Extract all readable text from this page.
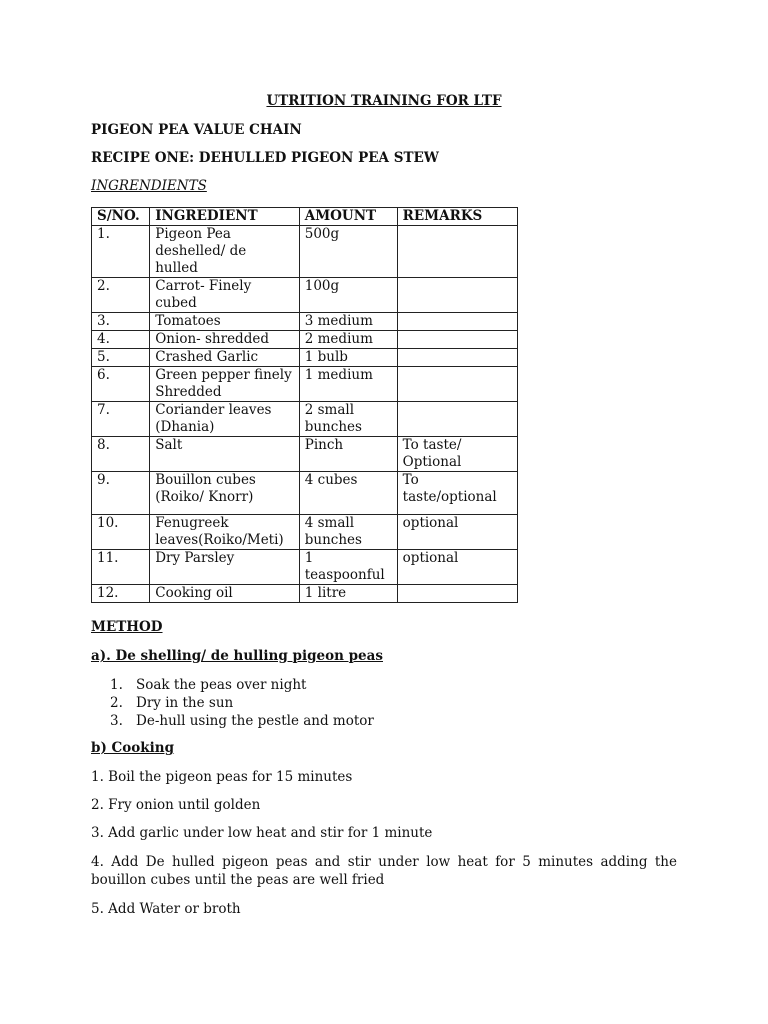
UTRITION TRAINING FOR LTF
PIGEON PEA VALUE CHAIN
RECIPE ONE: DEHULLED PIGEON PEA STEW
INGRENDIENTS
S/NO.	INGREDIENT	AMOUNT	REMARKS
1.	Pigeon Pea deshelled/ de hulled	500g	
2.	Carrot- Finely cubed	100g	
3.	Tomatoes	3 medium	
4.	Onion- shredded	2 medium	
5.	Crashed Garlic	1 bulb	
6.	Green pepper finely Shredded	1 medium	
7.	Coriander leaves (Dhania)	2 small bunches	
8.	Salt	Pinch	To taste/ Optional
9.	Bouillon cubes (Roiko/ Knorr)	4 cubes	To taste/optional
10.	Fenugreek leaves(Roiko/Meti)	4 small bunches	optional
11.	Dry Parsley	1 teaspoonful	optional
12.	Cooking oil	1 litre	
METHOD
a). De shelling/ de hulling pigeon peas
1. Soak the peas over night
2. Dry in the sun
3. De-hull using the pestle and motor
b) Cooking
1. Boil the pigeon peas for 15 minutes
2. Fry onion until golden
3. Add garlic under low heat and stir for 1 minute
4. Add De hulled pigeon peas and stir under low heat for 5 minutes adding the bouillon cubes until the peas are well fried
5. Add Water or broth
